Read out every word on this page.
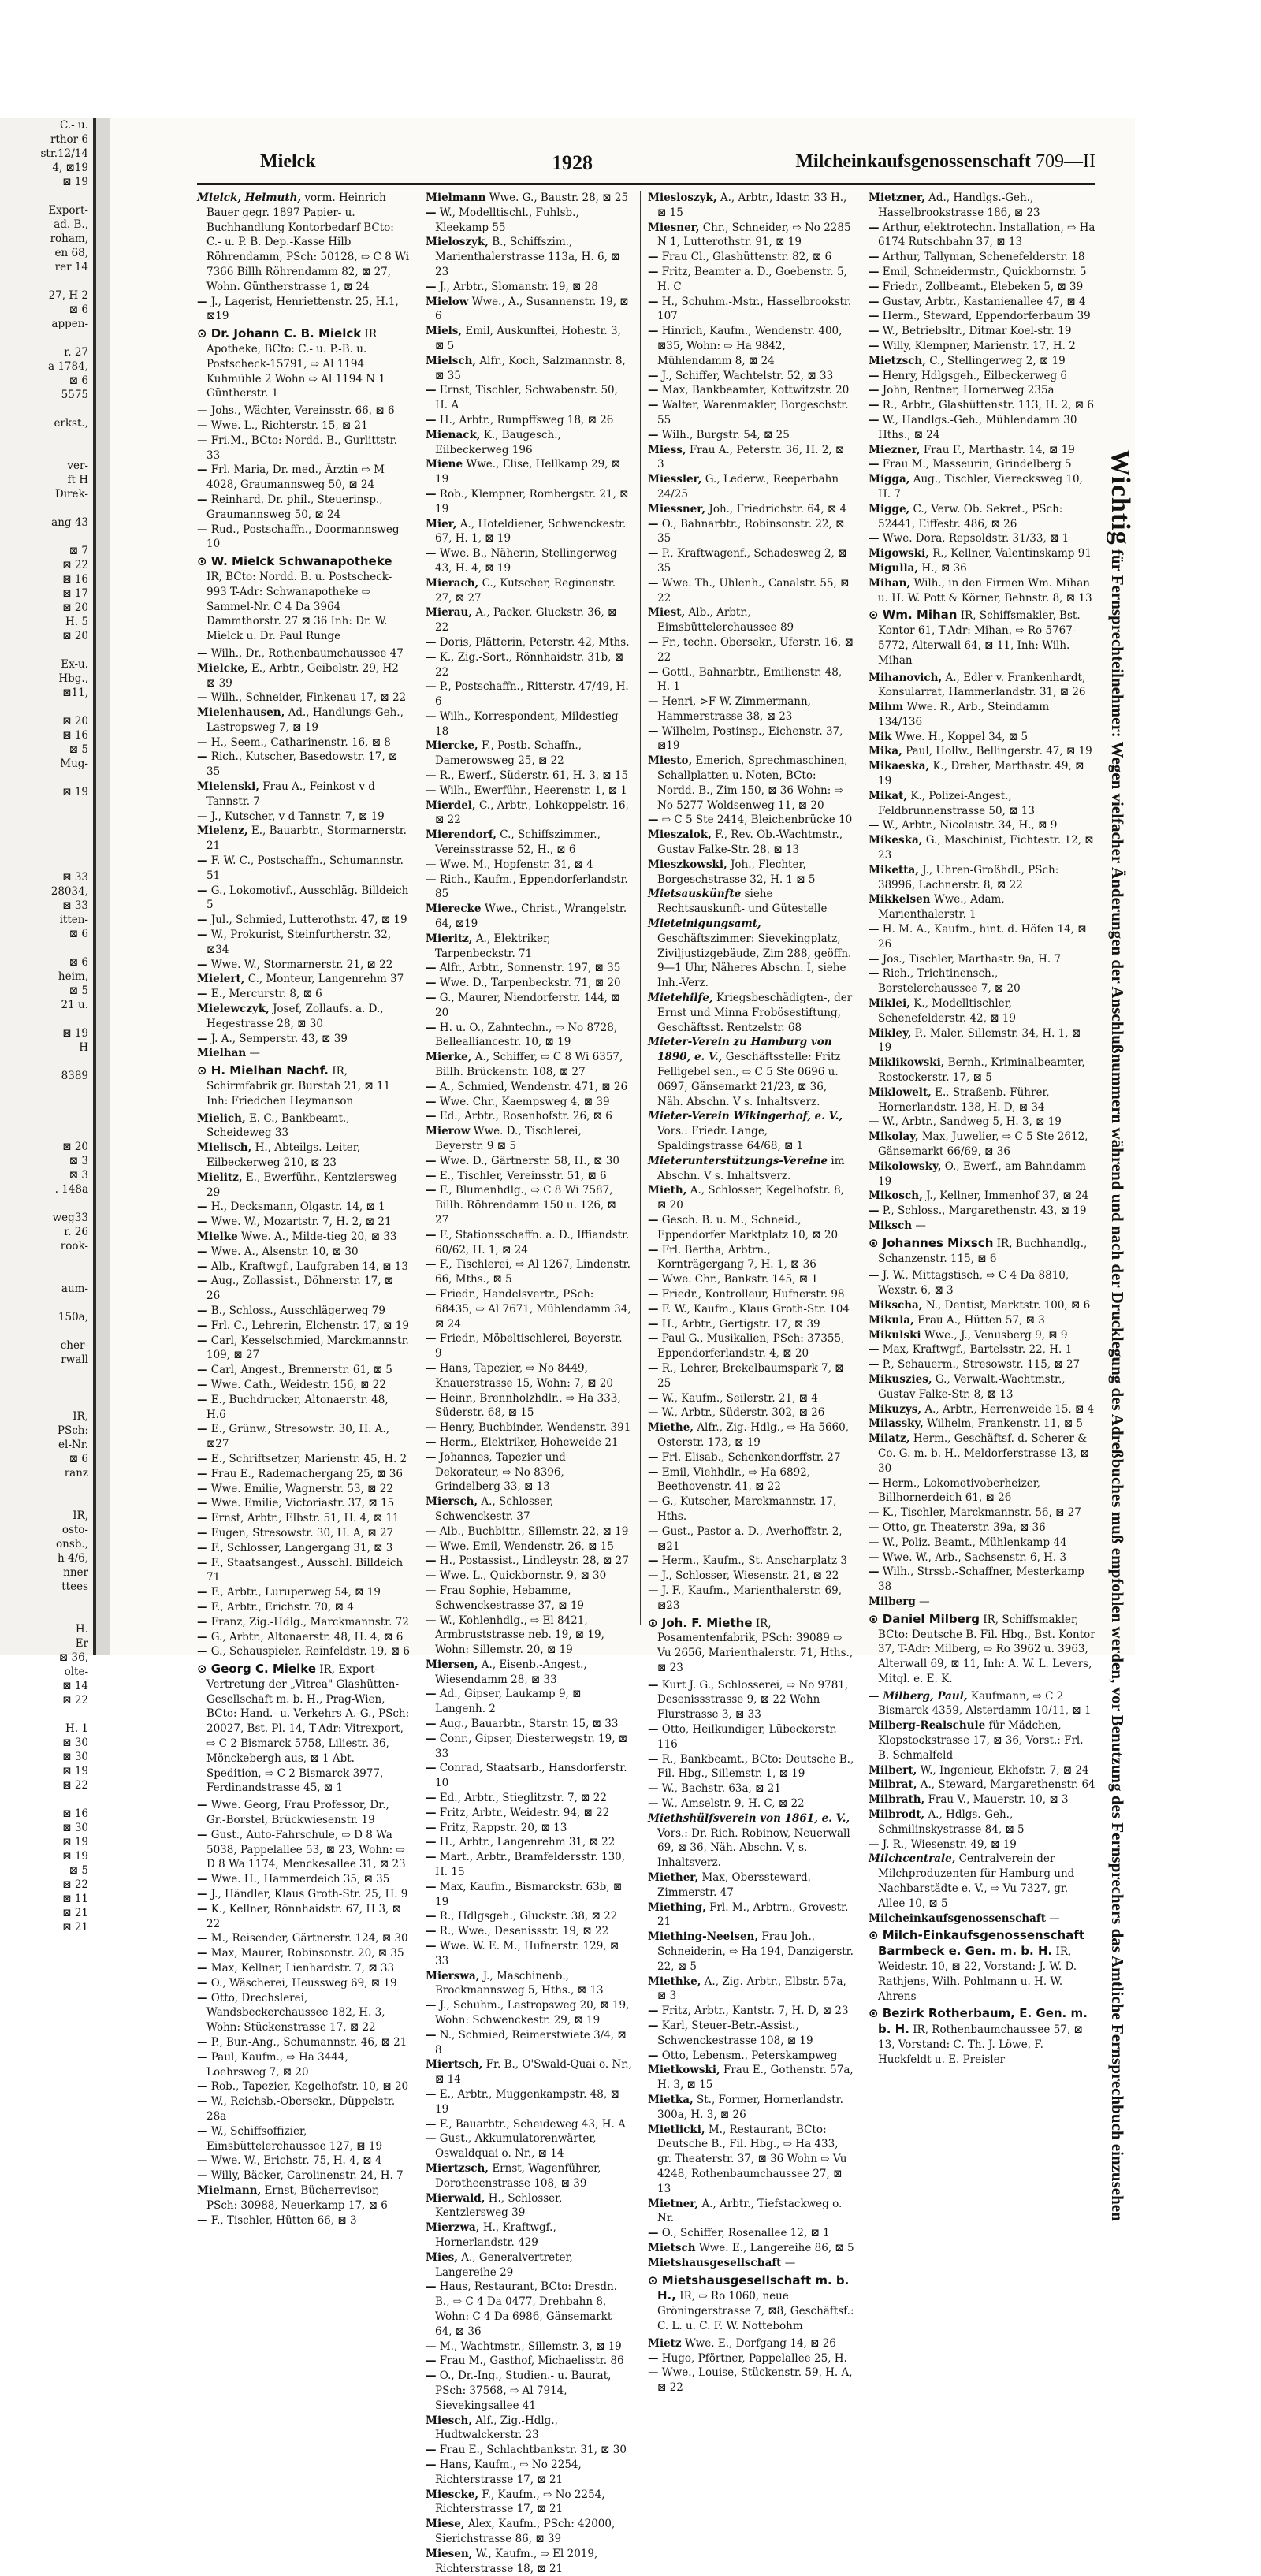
C.- u.
rthor 6
str.12/14
4, ⊠19
⊠ 19

Export-
ad. B.,
roham,
en 68,
rer 14

27, H 2
⊠ 6
appen-

r. 27
a 1784,
⊠ 6
5575

erkst.,

ver-
ft H
Direk-

ang 43

⊠ 7
⊠ 22
⊠ 16
⊠ 17
⊠ 20
H. 5
⊠ 20

Ex-u.
Hbg.,
⊠11,

⊠ 20
⊠ 16
⊠ 5
Mug-

⊠ 19

⊠ 33
28034,
⊠ 33
itten-
⊠ 6

⊠ 6
heim,
⊠ 5
21 u.

⊠ 19
H

8389

⊠ 20
⊠ 3
⊠ 3
. 148a

weg33
r. 26
rook-

aum-

150a,

cher-
rwall

IR,
PSch:
el-Nr.
⊠ 6
ranz

IR,
osto-
onsb.,
h 4/6,
nner
ttees

H.
Er
⊠ 36,
olte-
⊠ 14
⊠ 22

H. 1
⊠ 30
⊠ 30
⊠ 19
⊠ 22

⊠ 16
⊠ 30
⊠ 19
⊠ 19
⊠ 5
⊠ 22
⊠ 11
⊠ 21
⊠ 21
Mielck	1928	Milcheinkaufsgenossenschaft 709—II

Mielck, Helmuth, vorm. Heinrich Bauer gegr. 1897 Papier- u. Buchhandlung Kontorbedarf BCto: C.- u. P. B. Dep.-Kasse Hilb Röhrendamm, PSch: 50128, ⇨ C 8 Wi 7366 Billh Röhrendamm 82, ⊠ 27, Wohn. Güntherstrasse 1, ⊠ 24

— J., Lagerist, Henriettenstr. 25, H.1, ⊠19

⊙ Dr. Johann C. B. Mielck IR Apotheke, BCto: C.- u. P.-B. u. Postscheck-15791, ⇨ Al 1194 Kuhmühle 2 Wohn ⇨ Al 1194 N 1 Güntherstr. 1

— Johs., Wächter, Vereinsstr. 66, ⊠ 6

— Wwe. L., Richterstr. 15, ⊠ 21

— Fri.M., BCto: Nordd. B., Gurlittstr. 33

— Frl. Maria, Dr. med., Ärztin ⇨ M 4028, Graumannsweg 50, ⊠ 24

— Reinhard, Dr. phil., Steuerinsp., Graumannsweg 50, ⊠ 24

— Rud., Postschaffn., Doormannsweg 10

⊙ W. Mielck Schwanapotheke IR, BCto: Nordd. B. u. Postscheck-993 T-Adr: Schwanapotheke ⇨ Sammel-Nr. C 4 Da 3964 Dammthorstr. 27 ⊠ 36 Inh: Dr. W. Mielck u. Dr. Paul Runge

— Wilh., Dr., Rothenbaumchaussee 47

Mielcke, E., Arbtr., Geibelstr. 29, H2 ⊠ 39

— Wilh., Schneider, Finkenau 17, ⊠ 22

Mielenhausen, Ad., Handlungs-Geh., Lastropsweg 7, ⊠ 19

— H., Seem., Catharinenstr. 16, ⊠ 8

— Rich., Kutscher, Basedowstr. 17, ⊠ 35

Mielenski, Frau A., Feinkost v d Tannstr. 7

— J., Kutscher, v d Tannstr. 7, ⊠ 19

Mielenz, E., Bauarbtr., Stormarnerstr. 21

— F. W. C., Postschaffn., Schumannstr. 51

— G., Lokomotivf., Ausschläg. Billdeich 5

— Jul., Schmied, Lutterothstr. 47, ⊠ 19

— W., Prokurist, Steinfurtherstr. 32, ⊠34

— Wwe. W., Stormarnerstr. 21, ⊠ 22

Mielert, C., Monteur, Langenrehm 37

— E., Mercurstr. 8, ⊠ 6

Mielewczyk, Josef, Zollaufs. a. D., Hegestrasse 28, ⊠ 30

— J. A., Semperstr. 43, ⊠ 39

Mielhan —

⊙ H. Mielhan Nachf. IR, Schirmfabrik gr. Burstah 21, ⊠ 11 Inh: Friedchen Heymanson

Mielich, E. C., Bankbeamt., Scheideweg 33

Mielisch, H., Abteilgs.-Leiter, Eilbeckerweg 210, ⊠ 23

Mielitz, E., Ewerführ., Kentzlersweg 29

— H., Decksmann, Olgastr. 14, ⊠ 1

— Wwe. W., Mozartstr. 7, H. 2, ⊠ 21

Mielke Wwe. A., Milde-tieg 20, ⊠ 33

— Wwe. A., Alsenstr. 10, ⊠ 30

— Alb., Kraftwgf., Laufgraben 14, ⊠ 13

— Aug., Zollassist., Döhnerstr. 17, ⊠ 26

— B., Schloss., Ausschlägerweg 79

— Frl. C., Lehrerin, Elchenstr. 17, ⊠ 19

— Carl, Kesselschmied, Marckmannstr. 109, ⊠ 27

— Carl, Angest., Brennerstr. 61, ⊠ 5

— Wwe. Cath., Weidestr. 156, ⊠ 22

— E., Buchdrucker, Altonaerstr. 48, H.6

— E., Grünw., Stresowstr. 30, H. A., ⊠27

— E., Schriftsetzer, Marienstr. 45, H. 2

— Frau E., Rademachergang 25, ⊠ 36

— Wwe. Emilie, Wagnerstr. 53, ⊠ 22

— Wwe. Emilie, Victoriastr. 37, ⊠ 15

— Ernst, Arbtr., Elbstr. 51, H. 4, ⊠ 11

— Eugen, Stresowstr. 30, H. A, ⊠ 27

— F., Schlosser, Langergang 31, ⊠ 3

— F., Staatsangest., Ausschl. Billdeich 71

— F., Arbtr., Luruperweg 54, ⊠ 19

— F., Arbtr., Erichstr. 70, ⊠ 4

— Franz, Zig.-Hdlg., Marckmannstr. 72

— G., Arbtr., Altonaerstr. 48, H. 4, ⊠ 6

— G., Schauspieler, Reinfeldstr. 19, ⊠ 6

⊙ Georg C. Mielke IR, Export-Vertretung der „Vitrea" Glashütten-Gesellschaft m. b. H., Prag-Wien, BCto: Hand.- u. Verkehrs-A.-G., PSch: 20027, Bst. Pl. 14, T-Adr: Vitrexport, ⇨ C 2 Bismarck 5758, Liliestr. 36, Mönckebergh aus, ⊠ 1 Abt. Spedition, ⇨ C 2 Bismarck 3977, Ferdinandstrasse 45, ⊠ 1

— Wwe. Georg, Frau Professor, Dr., Gr.-Borstel, Brückwiesenstr. 19

— Gust., Auto-Fahrschule, ⇨ D 8 Wa 5038, Pappelallee 53, ⊠ 23, Wohn: ⇨ D 8 Wa 1174, Menckesallee 31, ⊠ 23

— Wwe. H., Hammerdeich 35, ⊠ 35

— J., Händler, Klaus Groth-Str. 25, H. 9

— K., Kellner, Rönnhaidstr. 67, H 3, ⊠ 22

— M., Reisender, Gärtnerstr. 124, ⊠ 30

— Max, Maurer, Robinsonstr. 20, ⊠ 35

— Max, Kellner, Lienhardstr. 7, ⊠ 33

— O., Wäscherei, Heussweg 69, ⊠ 19

— Otto, Drechslerei, Wandsbeckerchaussee 182, H. 3, Wohn: Stückenstrasse 17, ⊠ 22

— P., Bur.-Ang., Schumannstr. 46, ⊠ 21

— Paul, Kaufm., ⇨ Ha 3444, Loehrsweg 7, ⊠ 20

— Rob., Tapezier, Kegelhofstr. 10, ⊠ 20

— W., Reichsb.-Obersekr., Düppelstr. 28a

— W., Schiffsoffizier, Eimsbüttelerchaussee 127, ⊠ 19

— Wwe. W., Erichstr. 75, H. 4, ⊠ 4

— Willy, Bäcker, Carolinenstr. 24, H. 7

Mielmann, Ernst, Bücherrevisor, PSch: 30988, Neuerkamp 17, ⊠ 6

— F., Tischler, Hütten 66, ⊠ 3

Mielmann Wwe. G., Baustr. 28, ⊠ 25

— W., Modelltischl., Fuhlsb., Kleekamp 55

Mieloszyk, B., Schiffszim., Marienthalerstrasse 113a, H. 6, ⊠ 23

— J., Arbtr., Slomanstr. 19, ⊠ 28

Mielow Wwe., A., Susannenstr. 19, ⊠ 6

Miels, Emil, Auskunftei, Hohestr. 3, ⊠ 5

Mielsch, Alfr., Koch, Salzmannstr. 8, ⊠ 35

— Ernst, Tischler, Schwabenstr. 50, H. A

— H., Arbtr., Rumpffsweg 18, ⊠ 26

Mienack, K., Baugesch., Eilbeckerweg 196

Miene Wwe., Elise, Hellkamp 29, ⊠ 19

— Rob., Klempner, Rombergstr. 21, ⊠ 19

Mier, A., Hoteldiener, Schwenckestr. 67, H. 1, ⊠ 19

— Wwe. B., Näherin, Stellingerweg 43, H. 4, ⊠ 19

Mierach, C., Kutscher, Reginenstr. 27, ⊠ 27

Mierau, A., Packer, Gluckstr. 36, ⊠ 22

— Doris, Plätterin, Peterstr. 42, Mths.

— K., Zig.-Sort., Rönnhaidstr. 31b, ⊠ 22

— P., Postschaffn., Ritterstr. 47/49, H. 6

— Wilh., Korrespondent, Mildestieg 18

Miercke, F., Postb.-Schaffn., Damerowsweg 25, ⊠ 22

— R., Ewerf., Süderstr. 61, H. 3, ⊠ 15

— Wilh., Ewerführ., Heerenstr. 1, ⊠ 1

Mierdel, C., Arbtr., Lohkoppelstr. 16, ⊠ 22

Mierendorf, C., Schiffszimmer., Vereinsstrasse 52, H., ⊠ 6

— Wwe. M., Hopfenstr. 31, ⊠ 4

— Rich., Kaufm., Eppendorferlandstr. 85

Mierecke Wwe., Christ., Wrangelstr. 64, ⊠19

Mieritz, A., Elektriker, Tarpenbeckstr. 71

— Alfr., Arbtr., Sonnenstr. 197, ⊠ 35

— Wwe. D., Tarpenbeckstr. 71, ⊠ 20

— G., Maurer, Niendorferstr. 144, ⊠ 20

— H. u. O., Zahntechn., ⇨ No 8728, Bellealliancestr. 10, ⊠ 19

Mierke, A., Schiffer, ⇨ C 8 Wi 6357, Billh. Brückenstr. 108, ⊠ 27

— A., Schmied, Wendenstr. 471, ⊠ 26

— Wwe. Chr., Kaempsweg 4, ⊠ 39

— Ed., Arbtr., Rosenhofstr. 26, ⊠ 6

Mierow Wwe. D., Tischlerei, Beyerstr. 9 ⊠ 5

— Wwe. D., Gärtnerstr. 58, H., ⊠ 30

— E., Tischler, Vereinsstr. 51, ⊠ 6

— F., Blumenhdlg., ⇨ C 8 Wi 7587, Billh. Röhrendamm 150 u. 126, ⊠ 27

— F., Stationsschaffn. a. D., Iffiandstr. 60/62, H. 1, ⊠ 24

— F., Tischlerei, ⇨ Al 1267, Lindenstr. 66, Mths., ⊠ 5

— Friedr., Handelsvertr., PSch: 68435, ⇨ Al 7671, Mühlendamm 34, ⊠ 24

— Friedr., Möbeltischlerei, Beyerstr. 9

— Hans, Tapezier, ⇨ No 8449, Knauerstrasse 15, Wohn: 7, ⊠ 20

— Heinr., Brennholzhdlr., ⇨ Ha 333, Süderstr. 68, ⊠ 15

— Henry, Buchbinder, Wendenstr. 391

— Herm., Elektriker, Hoheweide 21

— Johannes, Tapezier und Dekorateur, ⇨ No 8396, Grindelberg 33, ⊠ 13

Miersch, A., Schlosser, Schwenckestr. 37

— Alb., Buchbittr., Sillemstr. 22, ⊠ 19

— Wwe. Emil, Wendenstr. 26, ⊠ 15

— H., Postassist., Lindleystr. 28, ⊠ 27

— Wwe. L., Quickbornstr. 9, ⊠ 30

— Frau Sophie, Hebamme, Schwenckestrasse 37, ⊠ 19

— W., Kohlenhdlg., ⇨ El 8421, Armbruststrasse neb. 19, ⊠ 19, Wohn: Sillemstr. 20, ⊠ 19

Miersen, A., Eisenb.-Angest., Wiesendamm 28, ⊠ 33

— Ad., Gipser, Laukamp 9, ⊠ Langenh. 2

— Aug., Bauarbtr., Starstr. 15, ⊠ 33

— Conr., Gipser, Diesterwegstr. 19, ⊠ 33

— Conrad, Staatsarb., Hansdorferstr. 10

— Ed., Arbtr., Stieglitzstr. 7, ⊠ 22

— Fritz, Arbtr., Weidestr. 94, ⊠ 22

— Fritz, Rappstr. 20, ⊠ 13

— H., Arbtr., Langenrehm 31, ⊠ 22

— Mart., Arbtr., Bramfeldersstr. 130, H. 15

— Max, Kaufm., Bismarckstr. 63b, ⊠ 19

— R., Hdlgsgeh., Gluckstr. 38, ⊠ 22

— R., Wwe., Desenissstr. 19, ⊠ 22

— Wwe. W. E. M., Hufnerstr. 129, ⊠ 33

Mierswa, J., Maschinenb., Brockmannsweg 5, Hths., ⊠ 13

— J., Schuhm., Lastropsweg 20, ⊠ 19, Wohn: Schwenckestr. 29, ⊠ 19

— N., Schmied, Reimerstwiete 3/4, ⊠ 8

Miertsch, Fr. B., O'Swald-Quai o. Nr., ⊠ 14

— E., Arbtr., Muggenkampstr. 48, ⊠ 19

— F., Bauarbtr., Scheideweg 43, H. A

— Gust., Akkumulatorenwärter, Oswaldquai o. Nr., ⊠ 14

Miertzsch, Ernst, Wagenführer, Dorotheenstrasse 108, ⊠ 39

Mierwald, H., Schlosser, Kentzlersweg 39

Mierzwa, H., Kraftwgf., Hornerlandstr. 429

Mies, A., Generalvertreter, Langereihe 29

— Haus, Restaurant, BCto: Dresdn. B., ⇨ C 4 Da 0477, Drehbahn 8, Wohn: C 4 Da 6986, Gänsemarkt 64, ⊠ 36

— M., Wachtmstr., Sillemstr. 3, ⊠ 19

— Frau M., Gasthof, Michaelisstr. 86

— O., Dr.-Ing., Studien.- u. Baurat, PSch: 37568, ⇨ Al 7914, Sievekingsallee 41

Miesch, Alf., Zig.-Hdlg., Hudtwalckerstr. 23

— Frau E., Schlachtbankstr. 31, ⊠ 30

— Hans, Kaufm., ⇨ No 2254, Richterstrasse 17, ⊠ 21

Miescke, F., Kaufm., ⇨ No 2254, Richterstrasse 17, ⊠ 21

Miese, Alex, Kaufm., PSch: 42000, Sierichstrasse 86, ⊠ 39

Miesen, W., Kaufm., ⇨ El 2019, Richterstrasse 18, ⊠ 21

Miesloszyk, A., Arbtr., Idastr. 33 H., ⊠ 15

Miesner, Chr., Schneider, ⇨ No 2285 N 1, Lutterothstr. 91, ⊠ 19

— Frau Cl., Glashüttenstr. 82, ⊠ 6

— Fritz, Beamter a. D., Goebenstr. 5, H. C

— H., Schuhm.-Mstr., Hasselbrookstr. 107

— Hinrich, Kaufm., Wendenstr. 400, ⊠35, Wohn: ⇨ Ha 9842, Mühlendamm 8, ⊠ 24

— J., Schiffer, Wachtelstr. 52, ⊠ 33

— Max, Bankbeamter, Kottwitzstr. 20

— Walter, Warenmakler, Borgeschstr. 55

— Wilh., Burgstr. 54, ⊠ 25

Miess, Frau A., Peterstr. 36, H. 2, ⊠ 3

Miessler, G., Lederw., Reeperbahn 24/25

Miessner, Joh., Friedrichstr. 64, ⊠ 4

— O., Bahnarbtr., Robinsonstr. 22, ⊠ 35

— P., Kraftwagenf., Schadesweg 2, ⊠ 35

— Wwe. Th., Uhlenh., Canalstr. 55, ⊠ 22

Miest, Alb., Arbtr., Eimsbüttelerchaussee 89

— Fr., techn. Obersekr., Uferstr. 16, ⊠ 22

— Gottl., Bahnarbtr., Emilienstr. 48, H. 1

— Henri, ⊳F W. Zimmermann, Hammerstrasse 38, ⊠ 23

— Wilhelm, Postinsp., Eichenstr. 37, ⊠19

Miesto, Emerich, Sprechmaschinen, Schallplatten u. Noten, BCto: Nordd. B., Zim 150, ⊠ 36 Wohn: ⇨ No 5277 Woldsenweg 11, ⊠ 20

— ⇨ C 5 Ste 2414, Bleichenbrücke 10

Mieszalok, F., Rev. Ob.-Wachtmstr., Gustav Falke-Str. 28, ⊠ 13

Mieszkowski, Joh., Flechter, Borgeschstrasse 32, H. 1 ⊠ 5

Mietsauskünfte siehe Rechtsauskunft- und Gütestelle

Mieteinigungsamt, Geschäftszimmer: Sievekingplatz, Ziviljustizgebäude, Zim 288, geöffn. 9—1 Uhr, Näheres Abschn. I, siehe Inh.-Verz.

Mietehilfe, Kriegsbeschädigten-, der Ernst und Minna Frobösestiftung, Geschäftsst. Rentzelstr. 68

Mieter-Verein zu Hamburg von 1890, e. V., Geschäftsstelle: Fritz Felligebel sen., ⇨ C 5 Ste 0696 u. 0697, Gänsemarkt 21/23, ⊠ 36, Näh. Abschn. V s. Inhaltsverz.

Mieter-Verein Wikingerhof, e. V., Vors.: Friedr. Lange, Spaldingstrasse 64/68, ⊠ 1

Mieterunterstützungs-Vereine im Abschn. V s. Inhaltsverz.

Mieth, A., Schlosser, Kegelhofstr. 8, ⊠ 20

— Gesch. B. u. M., Schneid., Eppendorfer Marktplatz 10, ⊠ 20

— Frl. Bertha, Arbtrn., Kornträgergang 7, H. 1, ⊠ 36

— Wwe. Chr., Bankstr. 145, ⊠ 1

— Friedr., Kontrolleur, Hufnerstr. 98

— F. W., Kaufm., Klaus Groth-Str. 104

— H., Arbtr., Gertigstr. 17, ⊠ 39

— Paul G., Musikalien, PSch: 37355, Eppendorferlandstr. 4, ⊠ 20

— R., Lehrer, Brekelbaumspark 7, ⊠ 25

— W., Kaufm., Seilerstr. 21, ⊠ 4

— W., Arbtr., Süderstr. 302, ⊠ 26

Miethe, Alfr., Zig.-Hdlg., ⇨ Ha 5660, Osterstr. 173, ⊠ 19

— Frl. Elisab., Schenkendorffstr. 27

— Emil, Viehhdlr., ⇨ Ha 6892, Beethovenstr. 41, ⊠ 22

— G., Kutscher, Marckmannstr. 17, Hths.

— Gust., Pastor a. D., Averhoffstr. 2, ⊠21

— Herm., Kaufm., St. Anscharplatz 3

— J., Schlosser, Wiesenstr. 21, ⊠ 22

— J. F., Kaufm., Marienthalerstr. 69, ⊠23

⊙ Joh. F. Miethe IR, Posamentenfabrik, PSch: 39089 ⇨ Vu 2656, Marienthalerstr. 71, Hths., ⊠ 23

— Kurt J. G., Schlosserei, ⇨ No 9781, Desenissstrasse 9, ⊠ 22 Wohn Flurstrasse 3, ⊠ 33

— Otto, Heilkundiger, Lübeckerstr. 116

— R., Bankbeamt., BCto: Deutsche B., Fil. Hbg., Sillemstr. 1, ⊠ 19

— W., Bachstr. 63a, ⊠ 21

— W., Amselstr. 9, H. C, ⊠ 22

Miethshülfsverein von 1861, e. V., Vors.: Dr. Rich. Robinow, Neuerwall 69, ⊠ 36, Näh. Abschn. V, s. Inhaltsverz.

Miether, Max, Oberssteward, Zimmerstr. 47

Miething, Frl. M., Arbtrn., Grovestr. 21

Miething-Neelsen, Frau Joh., Schneiderin, ⇨ Ha 194, Danzigerstr. 22, ⊠ 5

Miethke, A., Zig.-Arbtr., Elbstr. 57a, ⊠ 3

— Fritz, Arbtr., Kantstr. 7, H. D, ⊠ 23

— Karl, Steuer-Betr.-Assist., Schwenckestrasse 108, ⊠ 19

— Otto, Lebensm., Peterskampweg

Mietkowski, Frau E., Gothenstr. 57a, H. 3, ⊠ 15

Mietka, St., Former, Hornerlandstr. 300a, H. 3, ⊠ 26

Mietlicki, M., Restaurant, BCto: Deutsche B., Fil. Hbg., ⇨ Ha 433, gr. Theaterstr. 37, ⊠ 36 Wohn ⇨ Vu 4248, Rothenbaumchaussee 27, ⊠ 13

Mietner, A., Arbtr., Tiefstackweg o. Nr.

— O., Schiffer, Rosenallee 12, ⊠ 1

Mietsch Wwe. E., Langereihe 86, ⊠ 5

Mietshausgesellschaft —

⊙ Mietshausgesellschaft m. b. H., IR, ⇨ Ro 1060, neue Gröningerstrasse 7, ⊠8, Geschäftsf.: C. L. u. C. F. W. Nottebohm

Mietz Wwe. E., Dorfgang 14, ⊠ 26

— Hugo, Pförtner, Pappelallee 25, H.

— Wwe., Louise, Stückenstr. 59, H. A, ⊠ 22

Mietzner, Ad., Handlgs.-Geh., Hasselbrookstrasse 186, ⊠ 23

— Arthur, elektrotechn. Installation, ⇨ Ha 6174 Rutschbahn 37, ⊠ 13

— Arthur, Tallyman, Schenefelderstr. 18

— Emil, Schneidermstr., Quickbornstr. 5

— Friedr., Zollbeamt., Elebeken 5, ⊠ 39

— Gustav, Arbtr., Kastanienallee 47, ⊠ 4

— Herm., Steward, Eppendorferbaum 39

— W., Betriebsltr., Ditmar Koel-str. 19

— Willy, Klempner, Marienstr. 17, H. 2

Mietzsch, C., Stellingerweg 2, ⊠ 19

— Henry, Hdlgsgeh., Eilbeckerweg 6

— John, Rentner, Hornerweg 235a

— R., Arbtr., Glashüttenstr. 113, H. 2, ⊠ 6

— W., Handlgs.-Geh., Mühlendamm 30 Hths., ⊠ 24

Miezner, Frau F., Marthastr. 14, ⊠ 19

— Frau M., Masseurin, Grindelberg 5

Migga, Aug., Tischler, Vierecksweg 10, H. 7

Migge, C., Verw. Ob. Sekret., PSch: 52441, Eiffestr. 486, ⊠ 26

— Wwe. Dora, Repsoldstr. 31/33, ⊠ 1

Migowski, R., Kellner, Valentinskamp 91

Migulla, H., ⊠ 36

Mihan, Wilh., in den Firmen Wm. Mihan u. H. W. Pott & Körner, Behnstr. 8, ⊠ 13

⊙ Wm. Mihan IR, Schiffsmakler, Bst. Kontor 61, T-Adr: Mihan, ⇨ Ro 5767-5772, Alterwall 64, ⊠ 11, Inh: Wilh. Mihan

Mihanovich, A., Edler v. Frankenhardt, Konsularrat, Hammerlandstr. 31, ⊠ 26

Mihm Wwe. R., Arb., Steindamm 134/136

Mik Wwe. H., Koppel 34, ⊠ 5

Mika, Paul, Hollw., Bellingerstr. 47, ⊠ 19

Mikaeska, K., Dreher, Marthastr. 49, ⊠ 19

Mikat, K., Polizei-Angest., Feldbrunnenstrasse 50, ⊠ 13

— W., Arbtr., Nicolaistr. 34, H., ⊠ 9

Mikeska, G., Maschinist, Fichtestr. 12, ⊠ 23

Miketta, J., Uhren-Großhdl., PSch: 38996, Lachnerstr. 8, ⊠ 22

Mikkelsen Wwe., Adam, Marienthalerstr. 1

— H. M. A., Kaufm., hint. d. Höfen 14, ⊠ 26

— Jos., Tischler, Marthastr. 9a, H. 7

— Rich., Trichtinensch., Borstelerchaussee 7, ⊠ 20

Miklei, K., Modelltischler, Schenefelderstr. 42, ⊠ 19

Mikley, P., Maler, Sillemstr. 34, H. 1, ⊠ 19

Miklikowski, Bernh., Kriminalbeamter, Rostockerstr. 17, ⊠ 5

Miklowelt, E., Straßenb.-Führer, Hornerlandstr. 138, H. D, ⊠ 34

— W., Arbtr., Sandweg 5, H. 3, ⊠ 19

Mikolay, Max, Juwelier, ⇨ C 5 Ste 2612, Gänsemarkt 66/69, ⊠ 36

Mikolowsky, O., Ewerf., am Bahndamm 19

Mikosch, J., Kellner, Immenhof 37, ⊠ 24

— P., Schloss., Margarethenstr. 43, ⊠ 19

Miksch —

⊙ Johannes Mixsch IR, Buchhandlg., Schanzenstr. 115, ⊠ 6

— J. W., Mittagstisch, ⇨ C 4 Da 8810, Wexstr. 6, ⊠ 3

Mikscha, N., Dentist, Marktstr. 100, ⊠ 6

Mikula, Frau A., Hütten 57, ⊠ 3

Mikulski Wwe., J., Venusberg 9, ⊠ 9

— Max, Kraftwgf., Bartelsstr. 22, H. 1

— P., Schauerm., Stresowstr. 115, ⊠ 27

Mikuszies, G., Verwalt.-Wachtmstr., Gustav Falke-Str. 8, ⊠ 13

Mikuzys, A., Arbtr., Herrenweide 15, ⊠ 4

Milassky, Wilhelm, Frankenstr. 11, ⊠ 5

Milatz, Herm., Geschäftsf. d. Scherer & Co. G. m. b. H., Meldorferstrasse 13, ⊠ 30

— Herm., Lokomotivoberheizer, Billhornerdeich 61, ⊠ 26

— K., Tischler, Marckmannstr. 56, ⊠ 27

— Otto, gr. Theaterstr. 39a, ⊠ 36

— W., Poliz. Beamt., Mühlenkamp 44

— Wwe. W., Arb., Sachsenstr. 6, H. 3

— Wilh., Strssb.-Schaffner, Mesterkamp 38

Milberg —

⊙ Daniel Milberg IR, Schiffsmakler, BCto: Deutsche B. Fil. Hbg., Bst. Kontor 37, T-Adr: Milberg, ⇨ Ro 3962 u. 3963, Alterwall 69, ⊠ 11, Inh: A. W. L. Levers, Mitgl. e. E. K.

— Milberg, Paul, Kaufmann, ⇨ C 2 Bismarck 4359, Alsterdamm 10/11, ⊠ 1

Milberg-Realschule für Mädchen, Klopstockstrasse 17, ⊠ 36, Vorst.: Frl. B. Schmalfeld

Milbert, W., Ingenieur, Ekhofstr. 7, ⊠ 24

Milbrat, A., Steward, Margarethenstr. 64

Milbrath, Frau V., Mauerstr. 10, ⊠ 3

Milbrodt, A., Hdlgs.-Geh., Schmilinskystrasse 84, ⊠ 5

— J. R., Wiesenstr. 49, ⊠ 19

Milchcentrale, Centralverein der Milchproduzenten für Hamburg und Nachbarstädte e. V., ⇨ Vu 7327, gr. Allee 10, ⊠ 5

Milcheinkaufsgenossenschaft —

⊙ Milch-Einkaufsgenossenschaft Barmbeck e. Gen. m. b. H. IR, Weidestr. 10, ⊠ 22, Vorstand: J. W. D. Rathjens, Wilh. Pohlmann u. H. W. Ahrens

⊙ Bezirk Rotherbaum, E. Gen. m. b. H. IR, Rothenbaumchaussee 57, ⊠ 13, Vorstand: C. Th. J. Löwe, F. Huckfeldt u. E. Preisler

Wichtig für Fernsprechteilnehmer: Wegen vielfacher Änderungen der Anschlußnummern während und nach der Drucklegung des Adreßbuches muß empfohlen werden, vor Benutzung des Fernsprechers das Amtliche Fernsprechbuch einzusehen
